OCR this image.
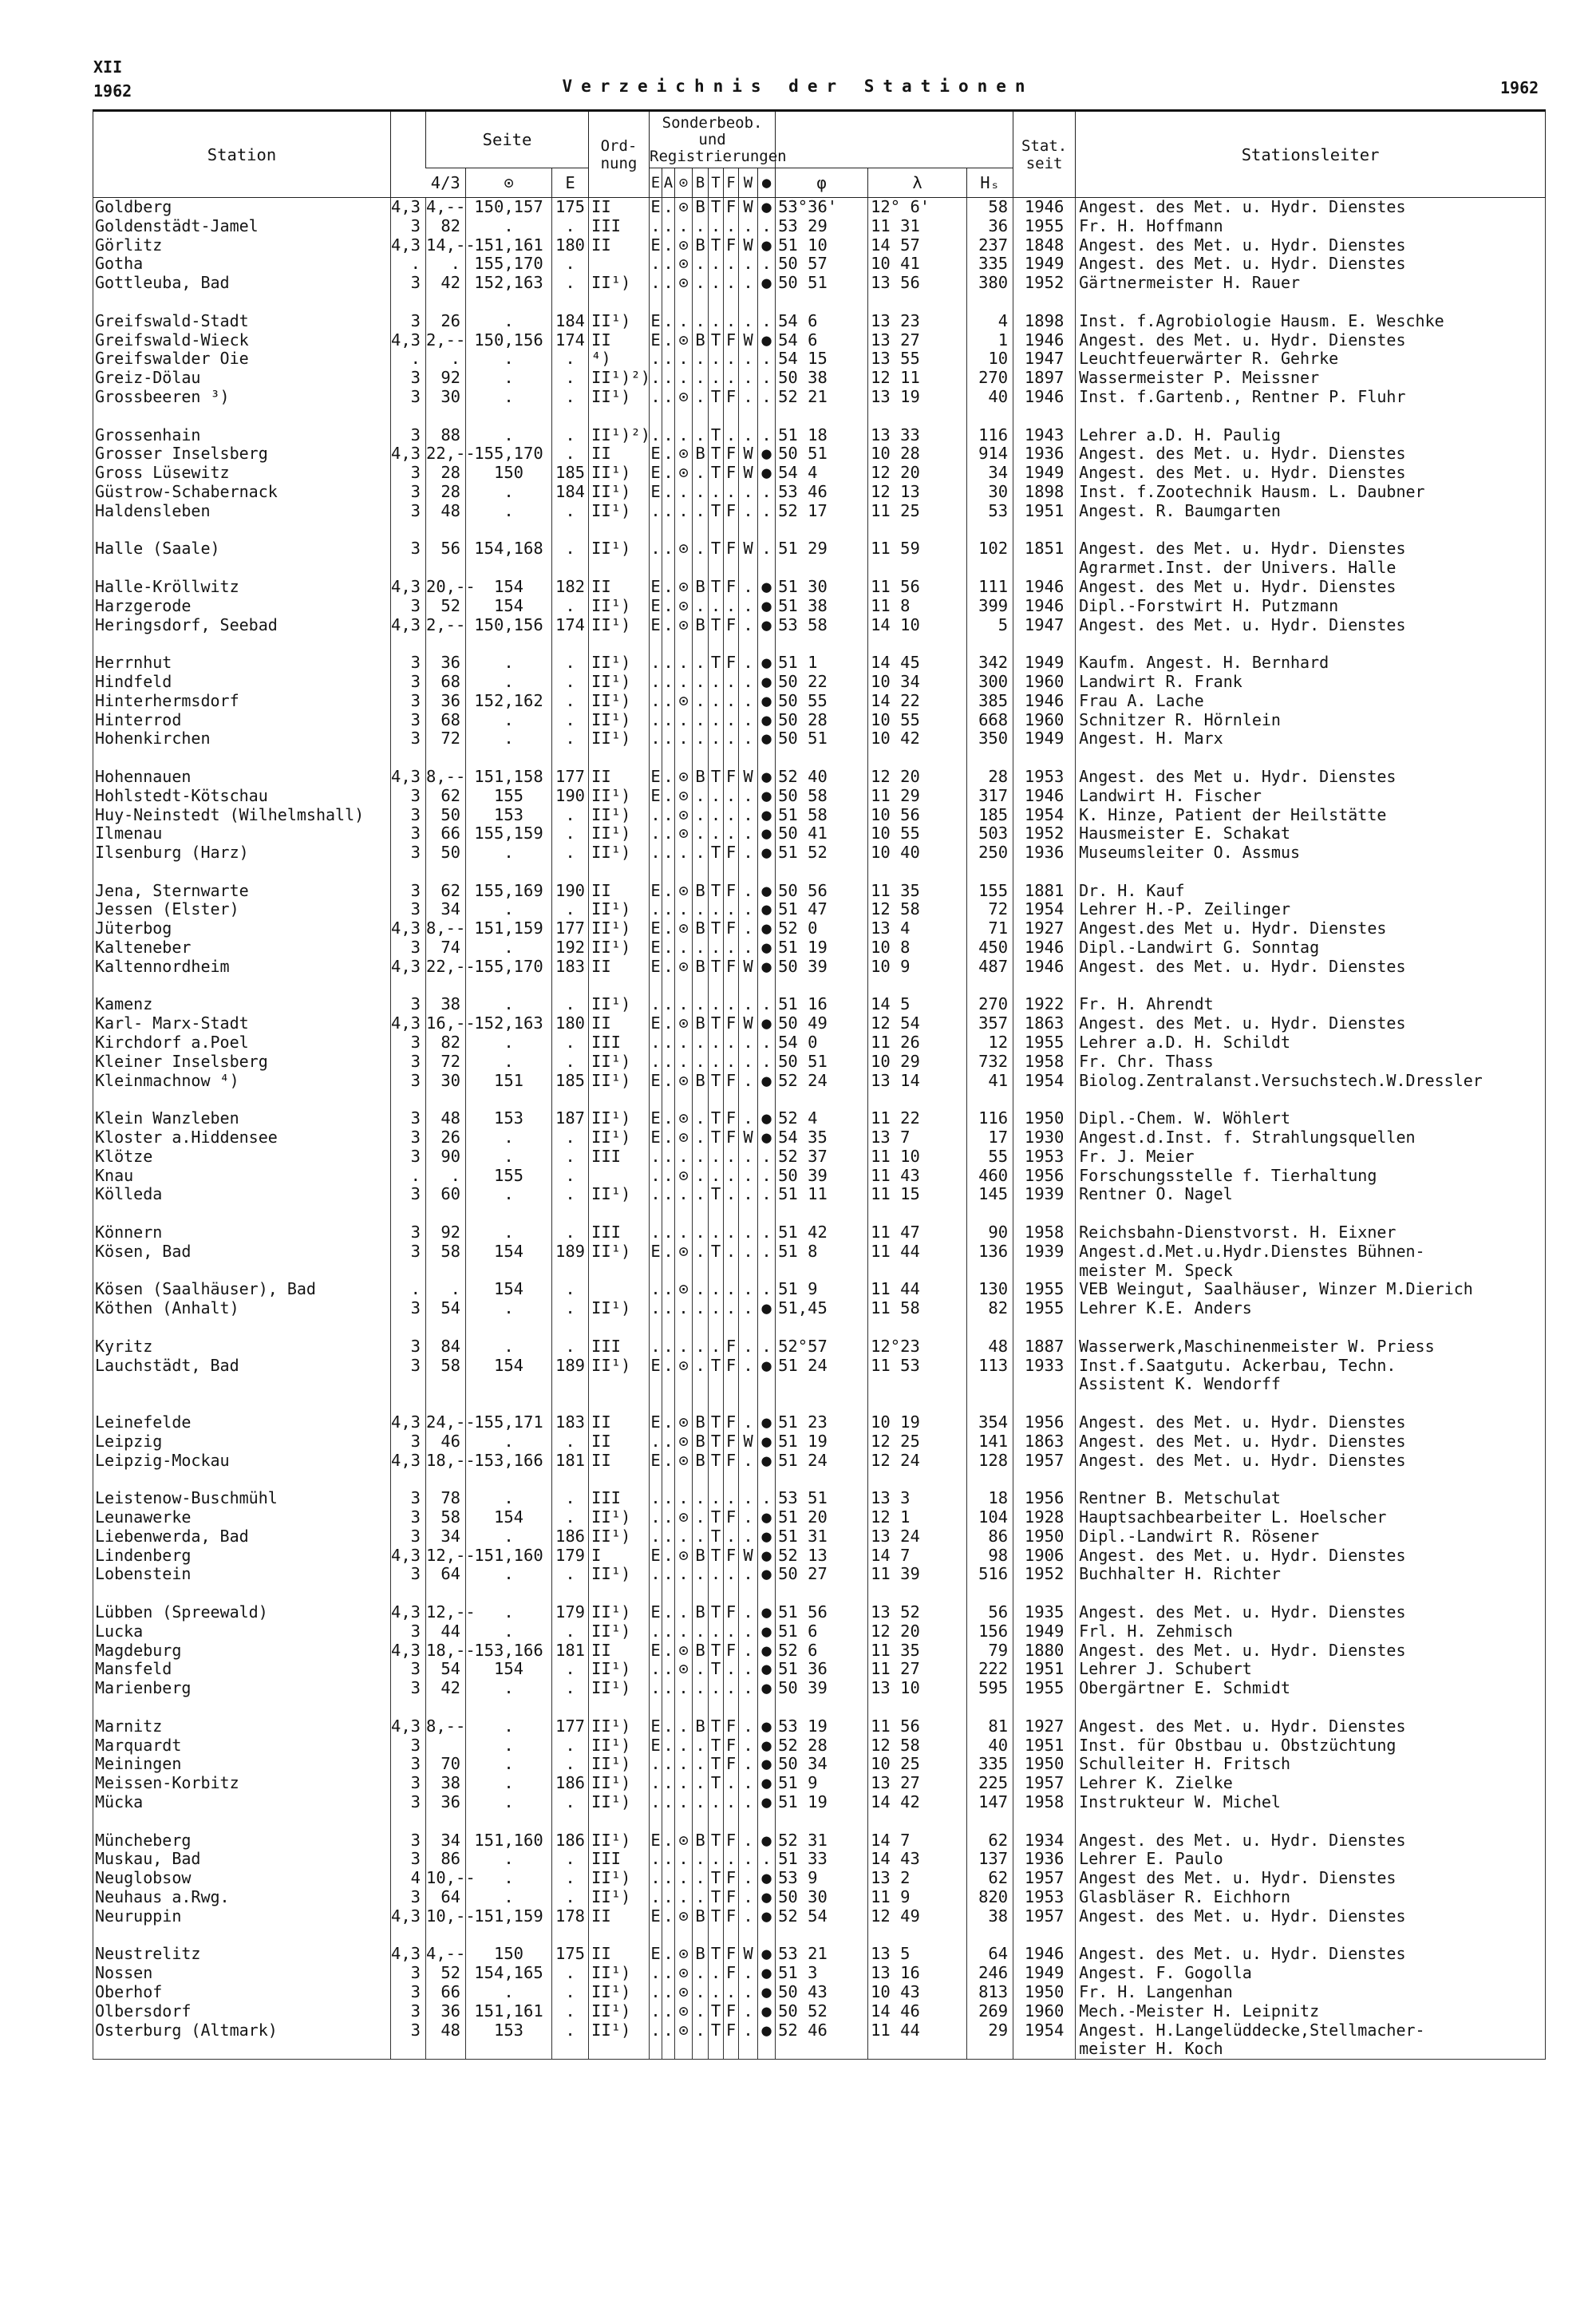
XII
1962	Verzeichnis der Stationen	1962
Station		Seite			Ord-
nung	Sonderbeob. und
Registrierungen											Stat.
seit	Stationsleiter

		4/3	⊙	E		E	A	⊙	B	T	F	W	●	φ	λ	Hₛ		
Goldberg	4,3	4,--	150,157	175	II	E	.	⊙	B	T	F	W	●	53°36'	12° 6'	58	1946	Angest. des Met. u. Hydr. Dienstes
Goldenstädt-Jamel	3	82	.	.	III	.	.	.	.	.	.	.	.	53 29	11 31	36	1955	Fr. H. Hoffmann
Görlitz	4,3	14,--	151,161	180	II	E	.	⊙	B	T	F	W	●	51 10	14 57	237	1848	Angest. des Met. u. Hydr. Dienstes
Gotha	.	.	155,170	.		.	.	⊙	.	.	.	.	.	50 57	10 41	335	1949	Angest. des Met. u. Hydr. Dienstes
Gottleuba, Bad	3	42	152,163	.	II¹)	.	.	⊙	.	.	.	.	●	50 51	13 56	380	1952	Gärtnermeister H. Rauer

Greifswald-Stadt	3	26	.	184	II¹)	E	.	.	.	.	.	.	.	54 6	13 23	4	1898	Inst. f.Agrobiologie Hausm. E. Weschke
Greifswald-Wieck	4,3	2,--	150,156	174	II	E	.	⊙	B	T	F	W	●	54 6	13 27	1	1946	Angest. des Met. u. Hydr. Dienstes
Greifswalder Oie	.	.	.	.	⁴)	.	.	.	.	.	.	.	.	54 15	13 55	10	1947	Leuchtfeuerwärter R. Gehrke
Greiz-Dölau	3	92	.	.	II¹)²)	.	.	.	.	.	.	.	.	50 38	12 11	270	1897	Wassermeister P. Meissner
Grossbeeren ³)	3	30	.	.	II¹)	.	.	⊙	.	T	F	.	.	52 21	13 19	40	1946	Inst. f.Gartenb., Rentner P. Fluhr

Grossenhain	3	88	.	.	II¹)²)	.	.	.	.	T	.	.	.	51 18	13 33	116	1943	Lehrer a.D. H. Paulig
Grosser Inselsberg	4,3	22,--	155,170	.	II	E	.	⊙	B	T	F	W	●	50 51	10 28	914	1936	Angest. des Met. u. Hydr. Dienstes
Gross Lüsewitz	3	28	150	185	II¹)	E	.	⊙	.	T	F	W	●	54 4	12 20	34	1949	Angest. des Met. u. Hydr. Dienstes
Güstrow-Schabernack	3	28	.	184	II¹)	E	.	.	.	.	.	.	.	53 46	12 13	30	1898	Inst. f.Zootechnik Hausm. L. Daubner
Haldensleben	3	48	.	.	II¹)	.	.	.	.	T	F	.	.	52 17	11 25	53	1951	Angest. R. Baumgarten

Halle (Saale)	3	56	154,168	.	II¹)	.	.	⊙	.	T	F	W	.	51 29	11 59	102	1851	Angest. des Met. u. Hydr. Dienstes
																		Agrarmet.Inst. der Univers. Halle
Halle-Kröllwitz	4,3	20,--	154	182	II	E	.	⊙	B	T	F	.	●	51 30	11 56	111	1946	Angest. des Met u. Hydr. Dienstes
Harzgerode	3	52	154	.	II¹)	E	.	⊙	.	.	.	.	●	51 38	11 8	399	1946	Dipl.-Forstwirt H. Putzmann
Heringsdorf, Seebad	4,3	2,--	150,156	174	II¹)	E	.	⊙	B	T	F	.	●	53 58	14 10	5	1947	Angest. des Met. u. Hydr. Dienstes

Herrnhut	3	36	.	.	II¹)	.	.	.	.	T	F	.	●	51 1	14 45	342	1949	Kaufm. Angest. H. Bernhard
Hindfeld	3	68	.	.	II¹)	.	.	.	.	.	.	.	●	50 22	10 34	300	1960	Landwirt R. Frank
Hinterhermsdorf	3	36	152,162	.	II¹)	.	.	⊙	.	.	.	.	●	50 55	14 22	385	1946	Frau A. Lache
Hinterrod	3	68	.	.	II¹)	.	.	.	.	.	.	.	●	50 28	10 55	668	1960	Schnitzer R. Hörnlein
Hohenkirchen	3	72	.	.	II¹)	.	.	.	.	.	.	.	●	50 51	10 42	350	1949	Angest. H. Marx

Hohennauen	4,3	8,--	151,158	177	II	E	.	⊙	B	T	F	W	●	52 40	12 20	28	1953	Angest. des Met u. Hydr. Dienstes
Hohlstedt-Kötschau	3	62	155	190	II¹)	E	.	⊙	.	.	.	.	●	50 58	11 29	317	1946	Landwirt H. Fischer
Huy-Neinstedt (Wilhelmshall)	3	50	153	.	II¹)	.	.	⊙	.	.	.	.	●	51 58	10 56	185	1954	K. Hinze, Patient der Heilstätte
Ilmenau	3	66	155,159	.	II¹)	.	.	⊙	.	.	.	.	●	50 41	10 55	503	1952	Hausmeister E. Schakat
Ilsenburg (Harz)	3	50	.	.	II¹)	.	.	.	.	T	F	.	●	51 52	10 40	250	1936	Museumsleiter O. Assmus

Jena, Sternwarte	3	62	155,169	190	II	E	.	⊙	B	T	F	.	●	50 56	11 35	155	1881	Dr. H. Kauf
Jessen (Elster)	3	34	.	.	II¹)	.	.	.	.	.	.	.	●	51 47	12 58	72	1954	Lehrer H.-P. Zeilinger
Jüterbog	4,3	8,--	151,159	177	II¹)	E	.	⊙	B	T	F	.	●	52 0	13 4	71	1927	Angest.des Met u. Hydr. Dienstes
Kalteneber	3	74	.	192	II¹)	E	.	.	.	.	.	.	●	51 19	10 8	450	1946	Dipl.-Landwirt G. Sonntag
Kaltennordheim	4,3	22,--	155,170	183	II	E	.	⊙	B	T	F	W	●	50 39	10 9	487	1946	Angest. des Met. u. Hydr. Dienstes

Kamenz	3	38	.	.	II¹)	.	.	.	.	.	.	.	.	51 16	14 5	270	1922	Fr. H. Ahrendt
Karl- Marx-Stadt	4,3	16,--	152,163	180	II	E	.	⊙	B	T	F	W	●	50 49	12 54	357	1863	Angest. des Met. u. Hydr. Dienstes
Kirchdorf a.Poel	3	82	.	.	III	.	.	.	.	.	.	.	.	54 0	11 26	12	1955	Lehrer a.D. H. Schildt
Kleiner Inselsberg	3	72	.	.	II¹)	.	.	.	.	.	.	.	.	50 51	10 29	732	1958	Fr. Chr. Thass
Kleinmachnow ⁴)	3	30	151	185	II¹)	E	.	⊙	B	T	F	.	●	52 24	13 14	41	1954	Biolog.Zentralanst.Versuchstech.W.Dressler

Klein Wanzleben	3	48	153	187	II¹)	E	.	⊙	.	T	F	.	●	52 4	11 22	116	1950	Dipl.-Chem. W. Wöhlert
Kloster a.Hiddensee	3	26	.	.	II¹)	E	.	⊙	.	T	F	W	●	54 35	13 7	17	1930	Angest.d.Inst. f. Strahlungsquellen
Klötze	3	90	.	.	III	.	.	.	.	.	.	.	.	52 37	11 10	55	1953	Fr. J. Meier
Knau	.	.	155	.		.	.	⊙	.	.	.	.	.	50 39	11 43	460	1956	Forschungsstelle f. Tierhaltung
Kölleda	3	60	.	.	II¹)	.	.	.	.	T	.	.	.	51 11	11 15	145	1939	Rentner O. Nagel

Könnern	3	92	.	.	III	.	.	.	.	.	.	.	.	51 42	11 47	90	1958	Reichsbahn-Dienstvorst. H. Eixner
Kösen, Bad	3	58	154	189	II¹)	E	.	⊙	.	T	.	.	.	51 8	11 44	136	1939	Angest.d.Met.u.Hydr.Dienstes Bühnen-
																		meister M. Speck
Kösen (Saalhäuser), Bad	.	.	154	.		.	.	⊙	.	.	.	.	.	51 9	11 44	130	1955	VEB Weingut, Saalhäuser, Winzer M.Dierich
Köthen (Anhalt)	3	54	.	.	II¹)	.	.	.	.	.	.	.	●	51,45	11 58	82	1955	Lehrer K.E. Anders

Kyritz	3	84	.	.	III	.	.	.	.	.	F	.	.	52°57	12°23	48	1887	Wasserwerk,Maschinenmeister W. Priess
Lauchstädt, Bad	3	58	154	189	II¹)	E	.	⊙	.	T	F	.	●	51 24	11 53	113	1933	Inst.f.Saatgutu. Ackerbau, Techn.
																		Assistent K. Wendorff

Leinefelde	4,3	24,--	155,171	183	II	E	.	⊙	B	T	F	.	●	51 23	10 19	354	1956	Angest. des Met. u. Hydr. Dienstes
Leipzig	3	46	.	.	II	.	.	⊙	B	T	F	W	●	51 19	12 25	141	1863	Angest. des Met. u. Hydr. Dienstes
Leipzig-Mockau	4,3	18,--	153,166	181	II	E	.	⊙	B	T	F	.	●	51 24	12 24	128	1957	Angest. des Met. u. Hydr. Dienstes

Leistenow-Buschmühl	3	78	.	.	III	.	.	.	.	.	.	.	.	53 51	13 3	18	1956	Rentner B. Metschulat
Leunawerke	3	58	154	.	II¹)	.	.	⊙	.	T	F	.	●	51 20	12 1	104	1928	Hauptsachbearbeiter L. Hoelscher
Liebenwerda, Bad	3	34	.	186	II¹)	.	.	.	.	T	.	.	●	51 31	13 24	86	1950	Dipl.-Landwirt R. Rösener
Lindenberg	4,3	12,--	151,160	179	I	E	.	⊙	B	T	F	W	●	52 13	14 7	98	1906	Angest. des Met. u. Hydr. Dienstes
Lobenstein	3	64	.	.	II¹)	.	.	.	.	.	.	.	●	50 27	11 39	516	1952	Buchhalter H. Richter

Lübben (Spreewald)	4,3	12,--	.	179	II¹)	E	.	.	B	T	F	.	●	51 56	13 52	56	1935	Angest. des Met. u. Hydr. Dienstes
Lucka	3	44	.	.	II¹)	.	.	.	.	.	.	.	●	51 6	12 20	156	1949	Frl. H. Zehmisch
Magdeburg	4,3	18,--	153,166	181	II	E	.	⊙	B	T	F	.	●	52 6	11 35	79	1880	Angest. des Met. u. Hydr. Dienstes
Mansfeld	3	54	154	.	II¹)	.	.	⊙	.	T	.	.	●	51 36	11 27	222	1951	Lehrer J. Schubert
Marienberg	3	42	.	.	II¹)	.	.	.	.	.	.	.	●	50 39	13 10	595	1955	Obergärtner E. Schmidt

Marnitz	4,3	8,--	.	177	II¹)	E	.	.	B	T	F	.	●	53 19	11 56	81	1927	Angest. des Met. u. Hydr. Dienstes
Marquardt	3		.	.	II¹)	E	.	.	.	T	F	.	●	52 28	12 58	40	1951	Inst. für Obstbau u. Obstzüchtung
Meiningen	3	70	.	.	II¹)	.	.	.	.	T	F	.	●	50 34	10 25	335	1950	Schulleiter H. Fritsch
Meissen-Korbitz	3	38	.	186	II¹)	.	.	.	.	T	.	.	●	51 9	13 27	225	1957	Lehrer K. Zielke
Mücka	3	36	.	.	II¹)	.	.	.	.	.	.	.	●	51 19	14 42	147	1958	Instrukteur W. Michel

Müncheberg	3	34	151,160	186	II¹)	E	.	⊙	B	T	F	.	●	52 31	14 7	62	1934	Angest. des Met. u. Hydr. Dienstes
Muskau, Bad	3	86	.	.	III	.	.	.	.	.	.	.	.	51 33	14 43	137	1936	Lehrer E. Paulo
Neuglobsow	4	10,--	.	.	II¹)	.	.	.	.	T	F	.	●	53 9	13 2	62	1957	Angest des Met. u. Hydr. Dienstes
Neuhaus a.Rwg.	3	64	.	.	II¹)	.	.	.	.	T	F	.	●	50 30	11 9	820	1953	Glasbläser R. Eichhorn
Neuruppin	4,3	10,--	151,159	178	II	E	.	⊙	B	T	F	.	●	52 54	12 49	38	1957	Angest. des Met. u. Hydr. Dienstes

Neustrelitz	4,3	4,--	150	175	II	E	.	⊙	B	T	F	W	●	53 21	13 5	64	1946	Angest. des Met. u. Hydr. Dienstes
Nossen	3	52	154,165	.	II¹)	.	.	⊙	.	.	F	.	●	51 3	13 16	246	1949	Angest. F. Gogolla
Oberhof	3	66	.	.	II¹)	.	.	⊙	.	.	.	.	●	50 43	10 43	813	1950	Fr. H. Langenhan
Olbersdorf	3	36	151,161	.	II¹)	.	.	⊙	.	T	F	.	●	50 52	14 46	269	1960	Mech.-Meister H. Leipnitz
Osterburg (Altmark)	3	48	153	.	II¹)	.	.	⊙	.	T	F	.	●	52 46	11 44	29	1954	Angest. H.Langelüddecke,Stellmacher-
																		meister H. Koch
